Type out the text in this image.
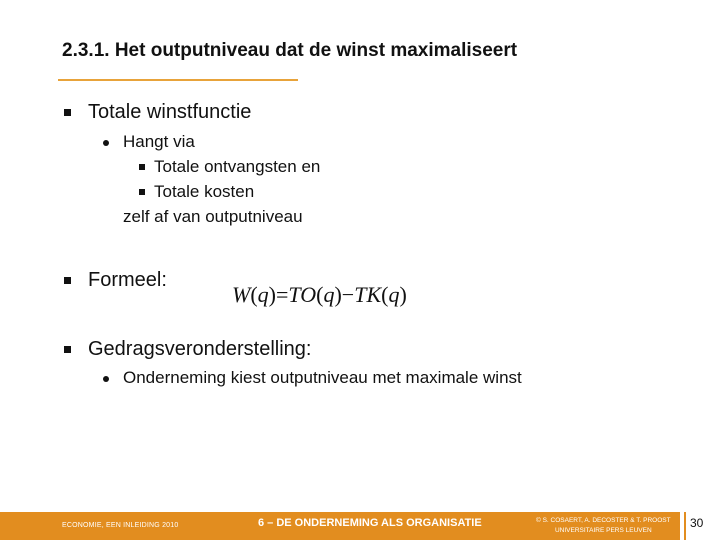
2.3.1. Het outputniveau dat de winst maximaliseert
Totale winstfunctie
Hangt via
Totale ontvangsten en
Totale kosten
zelf af van outputniveau
Formeel:
W(q)=TO(q)−TK(q)
Gedragsveronderstelling:
Onderneming kiest outputniveau met maximale winst
ECONOMIE, EEN INLEIDING 2010	6 – DE ONDERNEMING ALS ORGANISATIE	© S. COSAERT, A. DECOSTER & T. PROOST
UNIVERSITAIRE PERS LEUVEN
30
